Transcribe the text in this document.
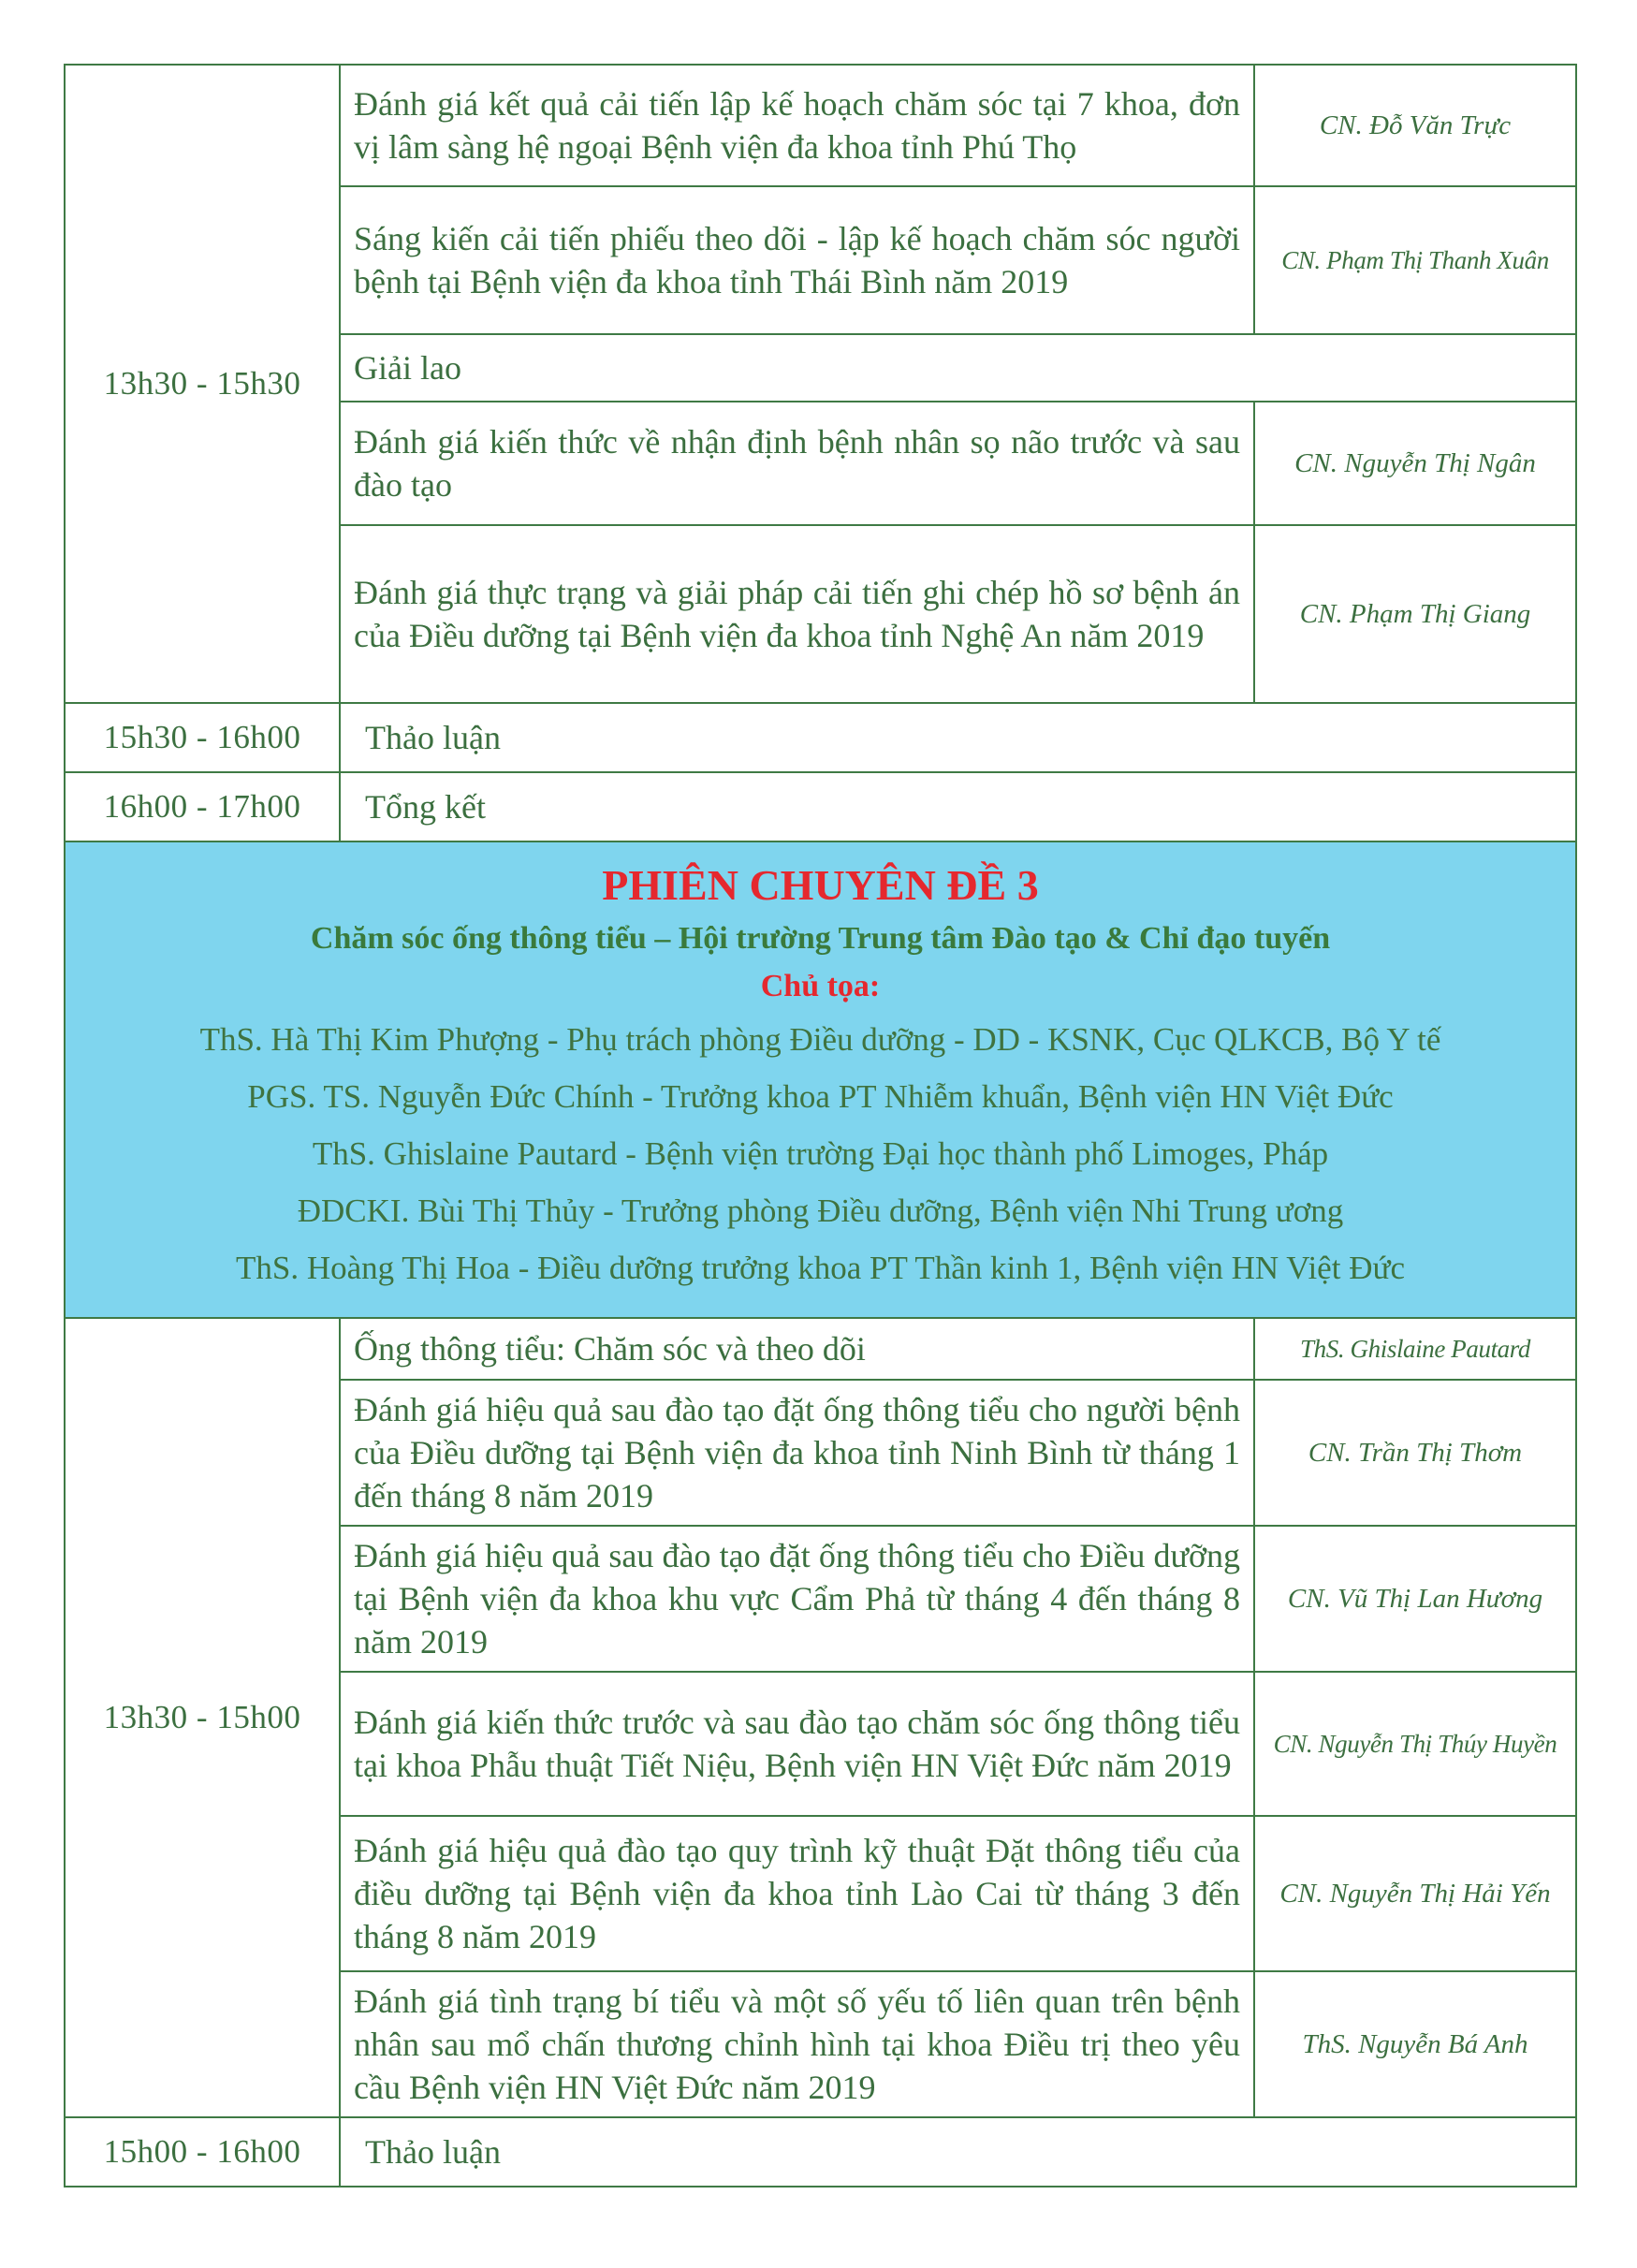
13h30 - 15h30	Đánh giá kết quả cải tiến lập kế hoạch chăm sóc tại 7 khoa, đơn vị lâm sàng hệ ngoại Bệnh viện đa khoa tỉnh Phú Thọ	CN. Đỗ Văn Trực
	Sáng kiến cải tiến phiếu theo dõi - lập kế hoạch chăm sóc người bệnh tại Bệnh viện đa khoa tỉnh Thái Bình năm 2019	CN. Phạm Thị Thanh Xuân
	Giải lao	
	Đánh giá kiến thức về nhận định bệnh nhân sọ não trước và sau đào tạo	CN. Nguyễn Thị Ngân
	Đánh giá thực trạng và giải pháp cải tiến ghi chép hồ sơ bệnh án của Điều dưỡng tại Bệnh viện đa khoa tỉnh Nghệ An năm 2019	CN. Phạm Thị Giang
15h30 - 16h00	Thảo luận	
16h00 - 17h00	Tổng kết	
PHIÊN CHUYÊN ĐỀ 3
Chăm sóc ống thông tiểu – Hội trường Trung tâm Đào tạo & Chỉ đạo tuyến
Chủ tọa:
ThS. Hà Thị Kim Phượng - Phụ trách phòng Điều dưỡng - DD - KSNK, Cục QLKCB, Bộ Y tế
PGS. TS. Nguyễn Đức Chính - Trưởng khoa PT Nhiễm khuẩn, Bệnh viện HN Việt Đức
ThS. Ghislaine Pautard - Bệnh viện trường Đại học thành phố Limoges, Pháp
ĐDCKI. Bùi Thị Thủy - Trưởng phòng Điều dưỡng, Bệnh viện Nhi Trung ương
ThS. Hoàng Thị Hoa - Điều dưỡng trưởng khoa PT Thần kinh 1, Bệnh viện HN Việt Đức
13h30 - 15h00	Ống thông tiểu: Chăm sóc và theo dõi	ThS. Ghislaine Pautard
	Đánh giá hiệu quả sau đào tạo đặt ống thông tiểu cho người bệnh của Điều dưỡng tại Bệnh viện đa khoa tỉnh Ninh Bình từ tháng 1 đến tháng 8 năm 2019	CN. Trần Thị Thơm
	Đánh giá hiệu quả sau đào tạo đặt ống thông tiểu cho Điều dưỡng tại Bệnh viện đa khoa khu vực Cẩm Phả từ tháng 4 đến tháng 8 năm 2019	CN. Vũ Thị Lan Hương
	Đánh giá kiến thức trước và sau đào tạo chăm sóc ống thông tiểu tại khoa Phẫu thuật Tiết Niệu, Bệnh viện HN Việt Đức năm 2019	CN. Nguyễn Thị Thúy Huyền
	Đánh giá hiệu quả đào tạo quy trình kỹ thuật Đặt thông tiểu của điều dưỡng tại Bệnh viện đa khoa tỉnh Lào Cai từ tháng 3 đến tháng 8 năm 2019	CN. Nguyễn Thị Hải Yến
	Đánh giá tình trạng bí tiểu và một số yếu tố liên quan trên bệnh nhân sau mổ chấn thương chỉnh hình tại khoa Điều trị theo yêu cầu Bệnh viện HN Việt Đức năm 2019	ThS. Nguyễn Bá Anh
15h00 - 16h00	Thảo luận	
